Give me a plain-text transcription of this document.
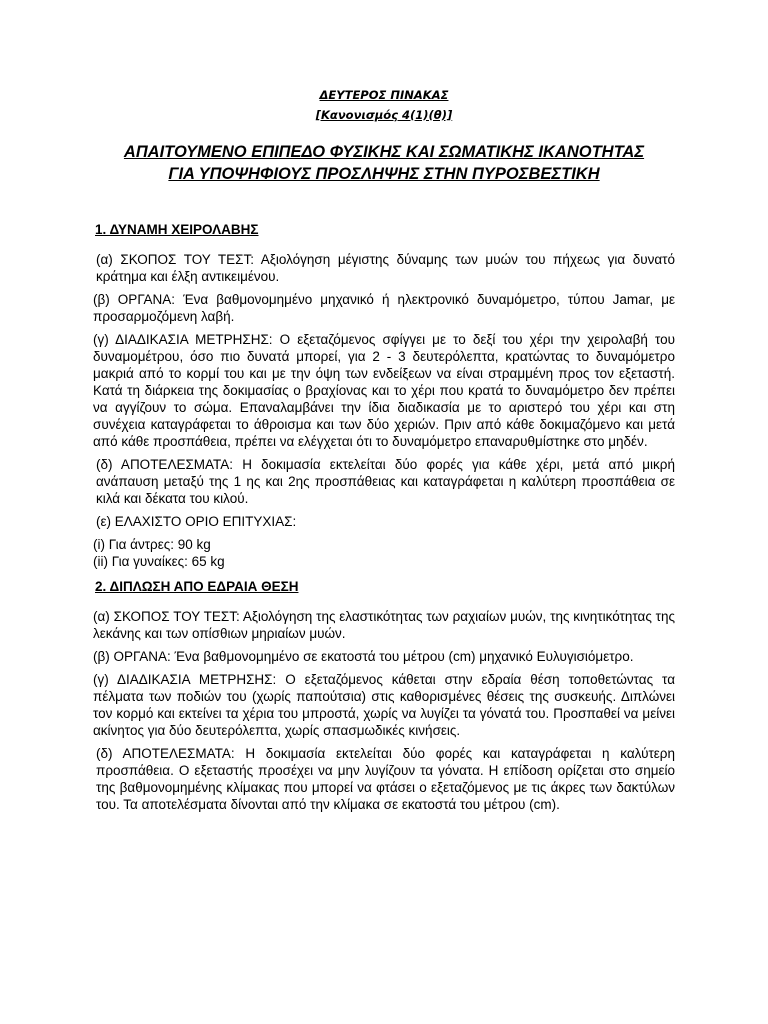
ΔΕΥΤΕΡΟΣ ΠΙΝΑΚΑΣ
[Κανονισμός 4(1)(θ)]
ΑΠΑΙΤΟΥΜΕΝΟ ΕΠΙΠΕΔΟ ΦΥΣΙΚΗΣ ΚΑΙ ΣΩΜΑΤΙΚΗΣ ΙΚΑΝΟΤΗΤΑΣ
ΓΙΑ ΥΠΟΨΗΦΙΟΥΣ ΠΡΟΣΛΗΨΗΣ ΣΤΗΝ ΠΥΡΟΣΒΕΣΤΙΚΗ
1. ΔΥΝΑΜΗ ΧΕΙΡΟΛΑΒΗΣ

(α) ΣΚΟΠΟΣ ΤΟΥ ΤΕΣΤ: Αξιολόγηση μέγιστης δύναμης των μυών του πήχεως για δυνατό κράτημα και έλξη αντικειμένου.

(β) ΟΡΓΑΝΑ: Ένα βαθμονομημένο μηχανικό ή ηλεκτρονικό δυναμόμετρο, τύπου Jamar, με προσαρμοζόμενη λαβή.

(γ) ΔΙΑΔΙΚΑΣΙΑ ΜΕΤΡΗΣΗΣ: Ο εξεταζόμενος σφίγγει με το δεξί του χέρι την χειρολαβή του δυναμομέτρου, όσο πιο δυνατά μπορεί, για 2 - 3 δευτερόλεπτα, κρατώντας το δυναμόμετρο μακριά από το κορμί του και με την όψη των ενδείξεων να είναι στραμμένη προς τον εξεταστή. Κατά τη διάρκεια της δοκιμασίας ο βραχίονας και το χέρι που κρατά το δυναμόμετρο δεν πρέπει να αγγίζουν το σώμα. Επαναλαμβάνει την ίδια διαδικασία με το αριστερό του χέρι και στη συνέχεια καταγράφεται το άθροισμα και των δύο χεριών. Πριν από κάθε δοκιμαζόμενο και μετά από κάθε προσπάθεια, πρέπει να ελέγχεται ότι το δυναμόμετρο επαναρυθμίστηκε στο μηδέν.

(δ) ΑΠΟΤΕΛΕΣΜΑΤΑ: Η δοκιμασία εκτελείται δύο φορές για κάθε χέρι, μετά από μικρή ανάπαυση μεταξύ της 1 ης και 2ης προσπάθειας και καταγράφεται η καλύτερη προσπάθεια σε κιλά και δέκατα του κιλού.

(ε) ΕΛΑΧΙΣΤΟ ΟΡΙΟ ΕΠΙΤΥΧΙΑΣ:

(i) Για άντρες: 90 kg

(ii) Για γυναίκες: 65 kg

2. ΔΙΠΛΩΣΗ ΑΠΟ ΕΔΡΑΙΑ ΘΕΣΗ

(α) ΣΚΟΠΟΣ ΤΟΥ ΤΕΣΤ: Αξιολόγηση της ελαστικότητας των ραχιαίων μυών, της κινητικότητας της λεκάνης και των οπίσθιων μηριαίων μυών.

(β) ΟΡΓΑΝΑ: Ένα βαθμονομημένο σε εκατοστά του μέτρου (cm) μηχανικό Ευλυγισιόμετρο.

(γ) ΔΙΑΔΙΚΑΣΙΑ ΜΕΤΡΗΣΗΣ: Ο εξεταζόμενος κάθεται στην εδραία θέση τοποθετώντας τα πέλματα των ποδιών του (χωρίς παπούτσια) στις καθορισμένες θέσεις της συσκευής. Διπλώνει τον κορμό και εκτείνει τα χέρια του μπροστά, χωρίς να λυγίζει τα γόνατά του. Προσπαθεί να μείνει ακίνητος για δύο δευτερόλεπτα, χωρίς σπασμωδικές κινήσεις.

(δ) ΑΠΟΤΕΛΕΣΜΑΤΑ: Η δοκιμασία εκτελείται δύο φορές και καταγράφεται η καλύτερη προσπάθεια. Ο εξεταστής προσέχει να μην λυγίζουν τα γόνατα. Η επίδοση ορίζεται στο σημείο της βαθμονομημένης κλίμακας που μπορεί να φτάσει ο εξεταζόμενος με τις άκρες των δακτύλων του. Τα αποτελέσματα δίνονται από την κλίμακα σε εκατοστά του μέτρου (cm).
